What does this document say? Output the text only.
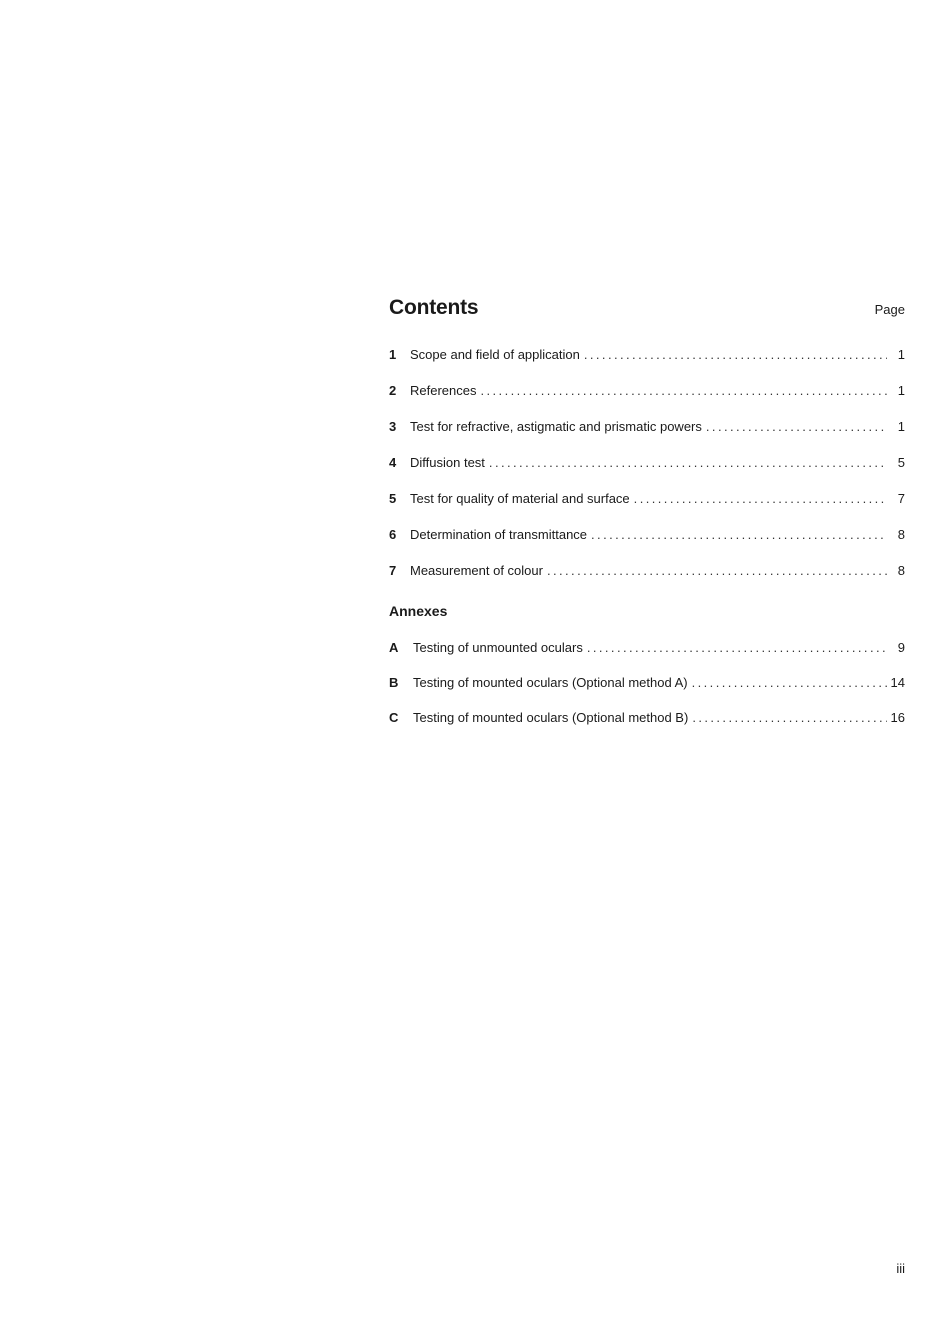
Contents	Page
1	Scope and field of application . . .	1
2	References . . .	1
3	Test for refractive, astigmatic and prismatic powers . . .	1
4	Diffusion test . . .	5
5	Test for quality of material and surface . . .	7
6	Determination of transmittance . . .	8
7	Measurement of colour . . .	8
Annexes
A	Testing of unmounted oculars . . .	9
B	Testing of mounted oculars (Optional method A) . . .	14
C	Testing of mounted oculars (Optional method B) . . .	16
iii
